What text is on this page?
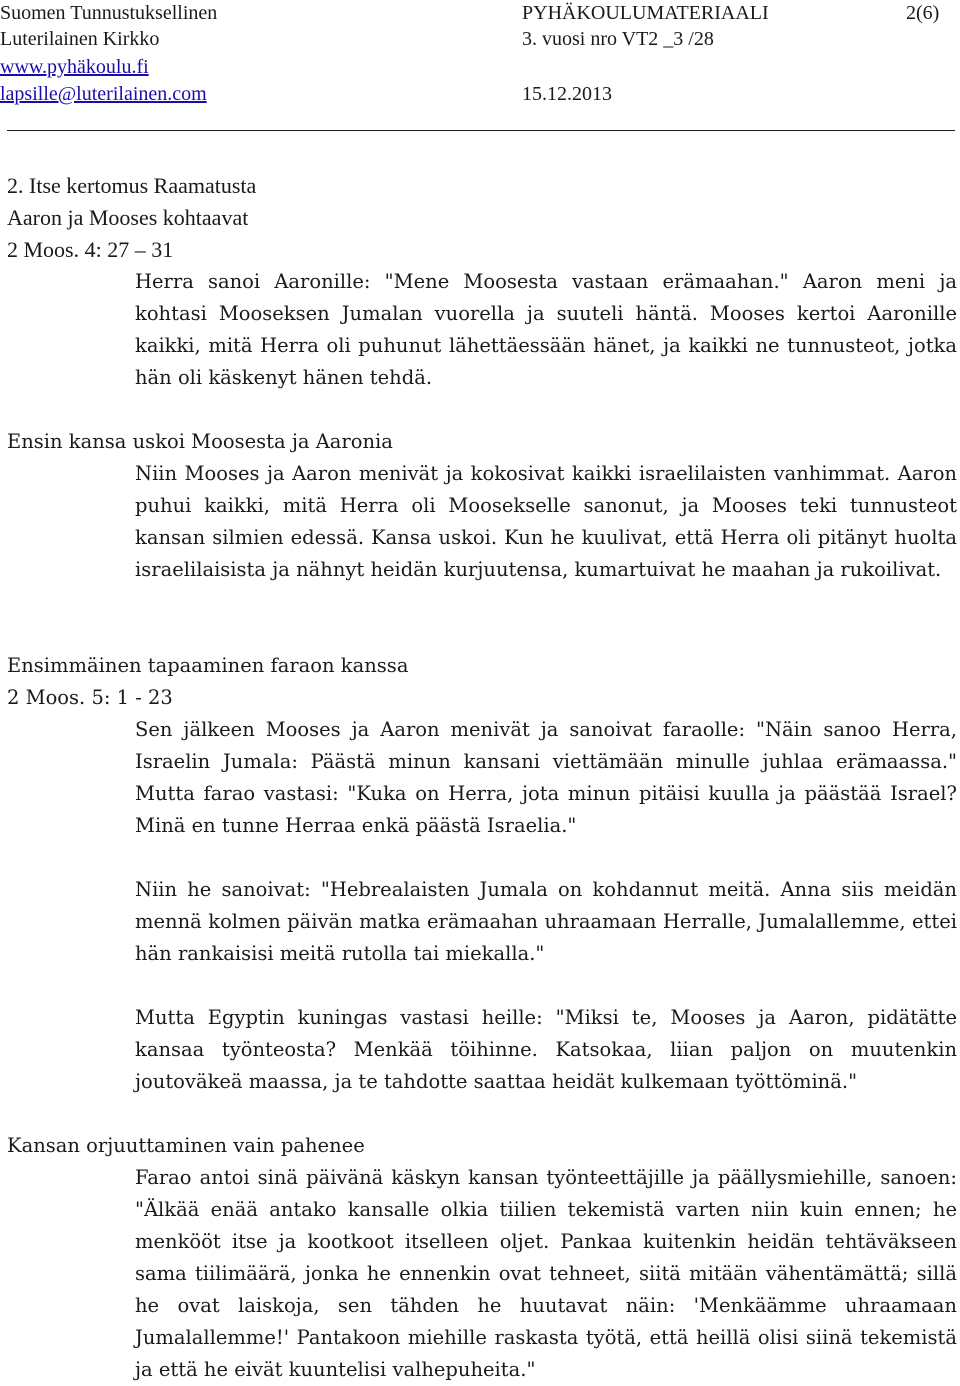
Suomen Tunnustuksellinen
Luterilainen Kirkko
www.pyhäkoulu.fi
lapsille@luterilainen.com
PYHÄKOULUMATERIAALI
3. vuosi nro VT2 _3 /28
15.12.2013
2(6)
2. Itse kertomus Raamatusta
Aaron ja Mooses kohtaavat
2 Moos. 4: 27 – 31

Herra sanoi Aaronille: "Mene Moosesta vastaan erämaahan." Aaron meni ja kohtasi Mooseksen Jumalan vuorella ja suuteli häntä. Mooses kertoi Aaronille kaikki, mitä Herra oli puhunut lähettäessään hänet, ja kaikki ne tunnusteot, jotka hän oli käskenyt hänen tehdä.

Ensin kansa uskoi Moosesta ja Aaronia

Niin Mooses ja Aaron menivät ja kokosivat kaikki israelilaisten vanhimmat. Aaron puhui kaikki, mitä Herra oli Moosekselle sanonut, ja Mooses teki tunnusteot kansan silmien edessä. Kansa uskoi. Kun he kuulivat, että Herra oli pitänyt huolta israelilaisista ja nähnyt heidän kurjuutensa, kumartuivat he maahan ja rukoilivat.

Ensimmäinen tapaaminen faraon kanssa
2 Moos. 5: 1 - 23

Sen jälkeen Mooses ja Aaron menivät ja sanoivat faraolle: "Näin sanoo Herra, Israelin Jumala: Päästä minun kansani viettämään minulle juhlaa erämaassa." Mutta farao vastasi: "Kuka on Herra, jota minun pitäisi kuulla ja päästää Israel? Minä en tunne Herraa enkä päästä Israelia."

Niin he sanoivat: "Hebrealaisten Jumala on kohdannut meitä. Anna siis meidän mennä kolmen päivän matka erämaahan uhraamaan Herralle, Jumalallemme, ettei hän rankaisisi meitä rutolla tai miekalla."

Mutta Egyptin kuningas vastasi heille: "Miksi te, Mooses ja Aaron, pidätätte kansaa työnteosta? Menkää töihinne. Katsokaa, liian paljon on muutenkin joutoväkeä maassa, ja te tahdotte saattaa heidät kulkemaan työttöminä."

Kansan orjuuttaminen vain pahenee

Farao antoi sinä päivänä käskyn kansan työnteettäjille ja päällysmiehille, sanoen: "Älkää enää antako kansalle olkia tiilien tekemistä varten niin kuin ennen; he menkööt itse ja kootkoot itselleen oljet. Pankaa kuitenkin heidän tehtäväkseen sama tiilimäärä, jonka he ennenkin ovat tehneet, siitä mitään vähentämättä; sillä he ovat laiskoja, sen tähden he huutavat näin: 'Menkäämme uhraamaan Jumalallemme!' Pantakoon miehille raskasta työtä, että heillä olisi siinä tekemistä ja että he eivät kuuntelisi valhepuheita."
